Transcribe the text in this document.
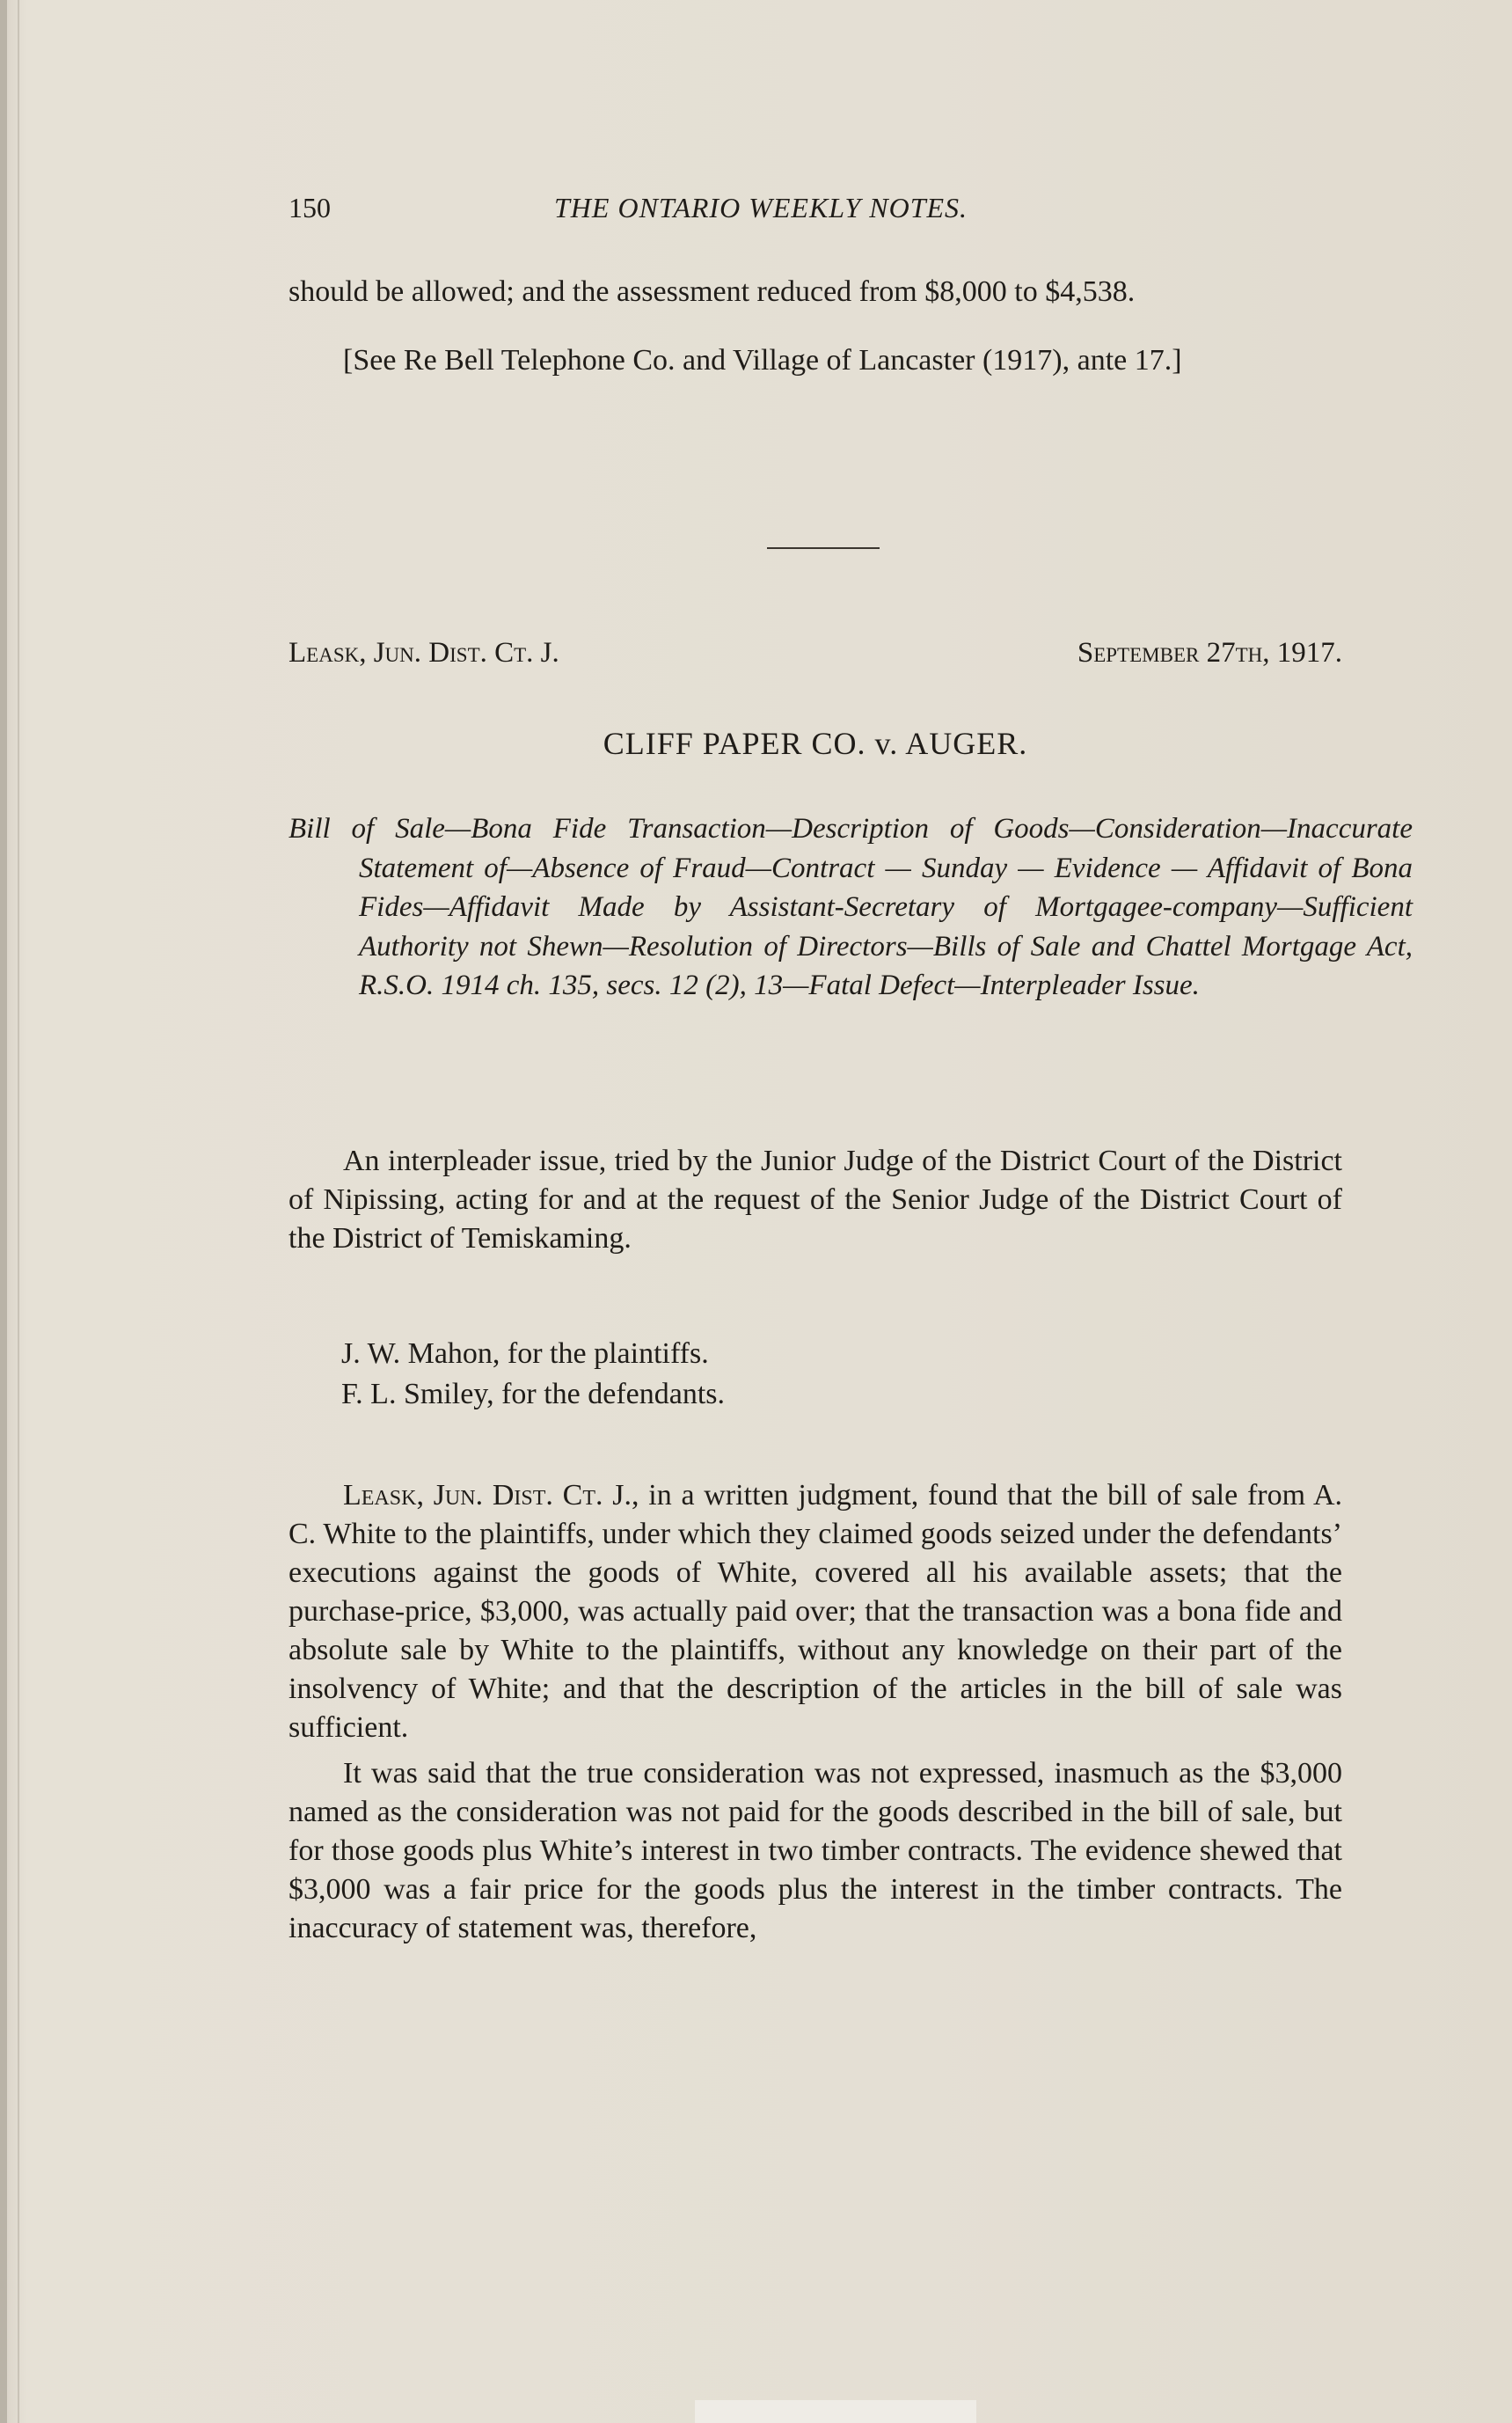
150	THE ONTARIO WEEKLY NOTES.

should be allowed; and the assessment reduced from $8,000 to $4,538.

[See Re Bell Telephone Co. and Village of Lancaster (1917), ante 17.]

Leask, Jun. Dist. Ct. J.	September 27th, 1917.
CLIFF PAPER CO. v. AUGER.
Bill of Sale—Bona Fide Transaction—Description of Goods—Consideration—Inaccurate Statement of—Absence of Fraud—Contract — Sunday — Evidence — Affidavit of Bona Fides—Affidavit Made by Assistant-Secretary of Mortgagee-company—Sufficient Authority not Shewn—Resolution of Directors—Bills of Sale and Chattel Mortgage Act, R.S.O. 1914 ch. 135, secs. 12 (2), 13—Fatal Defect—Interpleader Issue.

An interpleader issue, tried by the Junior Judge of the District Court of the District of Nipissing, acting for and at the request of the Senior Judge of the District Court of the District of Temiskaming.

J. W. Mahon, for the plaintiffs.

F. L. Smiley, for the defendants.

Leask, Jun. Dist. Ct. J., in a written judgment, found that the bill of sale from A. C. White to the plaintiffs, under which they claimed goods seized under the defendants’ executions against the goods of White, covered all his available assets; that the purchase-price, $3,000, was actually paid over; that the transaction was a bona fide and absolute sale by White to the plaintiffs, without any knowledge on their part of the insolvency of White; and that the description of the articles in the bill of sale was sufficient.

It was said that the true consideration was not expressed, inasmuch as the $3,000 named as the consideration was not paid for the goods described in the bill of sale, but for those goods plus White’s interest in two timber contracts. The evidence shewed that $3,000 was a fair price for the goods plus the interest in the timber contracts. The inaccuracy of statement was, therefore,
